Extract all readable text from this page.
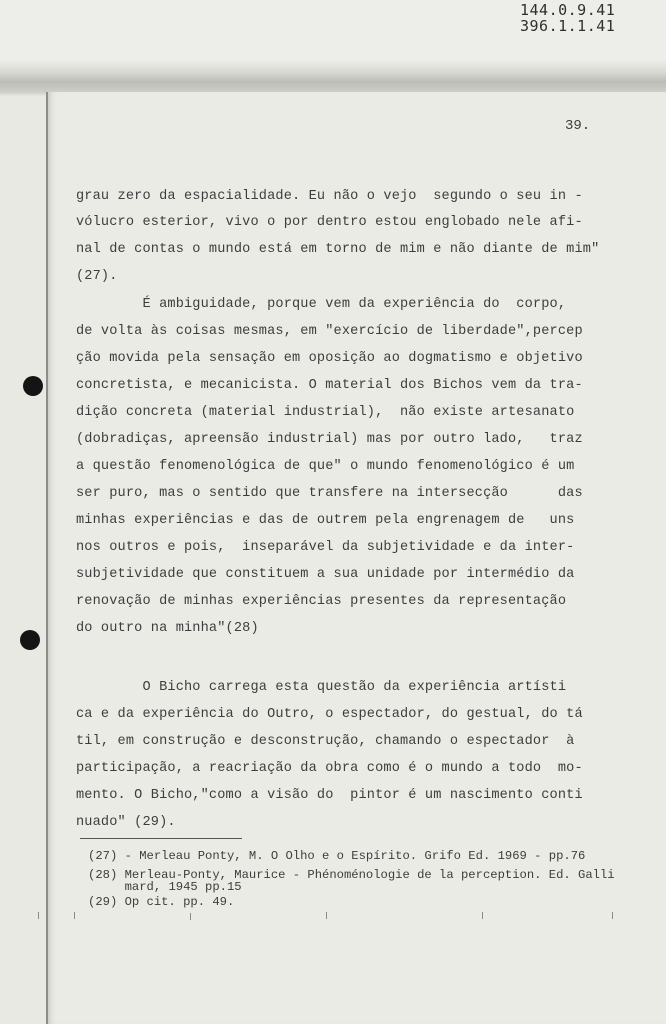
144.0.9.41
396.1.1.41
39.
grau zero da espacialidade. Eu não o vejo  segundo o seu in -
vólucro esterior, vivo o por dentro estou englobado nele afi-
nal de contas o mundo está em torno de mim e não diante de mim"
(27).
É ambiguidade, porque vem da experiência do  corpo,
de volta às coisas mesmas, em "exercício de liberdade",percep
ção movida pela sensação em oposição ao dogmatismo e objetivo
concretista, e mecanicista. O material dos Bichos vem da tra-
dição concreta (material industrial),  não existe artesanato
(dobradiças, apreensão industrial) mas por outro lado,   traz
a questão fenomenológica de que" o mundo fenomenológico é um
ser puro, mas o sentido que transfere na intersecção      das
minhas experiências e das de outrem pela engrenagem de   uns
nos outros e pois,  inseparável da subjetividade e da inter-
subjetividade que constituem a sua unidade por intermédio da
renovação de minhas experiências presentes da representação
do outro na minha"(28)
O Bicho carrega esta questão da experiência artísti
ca e da experiência do Outro, o espectador, do gestual, do tá
til, em construção e desconstrução, chamando o espectador  à
participação, a reacriação da obra como é o mundo a todo  mo-
mento. O Bicho,"como a visão do  pintor é um nascimento conti
nuado" (29).
(27) - Merleau Ponty, M. O Olho e o Espírito. Grifo Ed. 1969 - pp.76
(28) Merleau-Ponty, Maurice - Phénoménologie de la perception. Ed. Galli
mard, 1945 pp.15
(29) Op cit. pp. 49.
